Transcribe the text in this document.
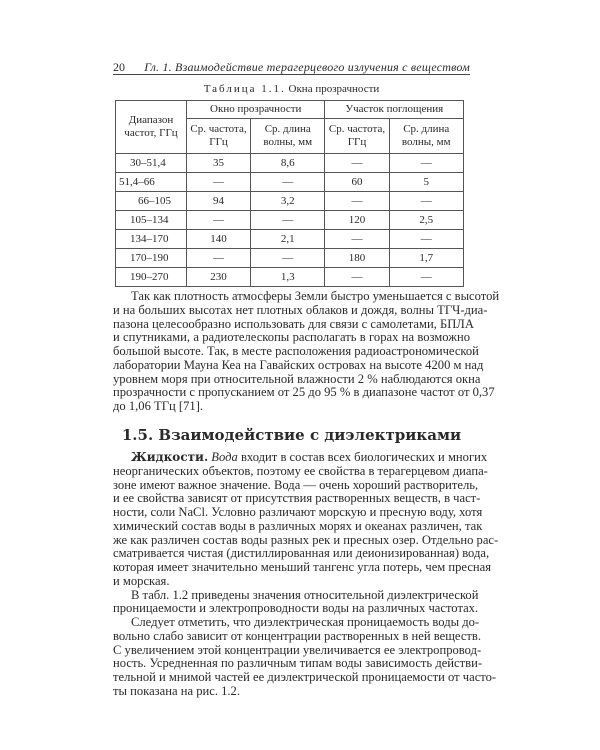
20 Гл. 1. Взаимодействие терагерцевого излучения с веществом
Таблица 1.1. Окна прозрачности
Диапазон частот, ГГц	Окно прозрачности		Участок поглощения	
	Ср. частота, ГГц	Ср. длина волны, мм	Ср. частота, ГГц	Ср. длина волны, мм
30–51,4	35	8,6	—	—
51,4–66	—	—	60	5
66–105	94	3,2	—	—
105–134	—	—	120	2,5
134–170	140	2,1	—	—
170–190	—	—	180	1,7
190–270	230	1,3	—	—
Так как плотность атмосферы Земли быстро уменьшается с высотой
и на больших высотах нет плотных облаков и дождя, волны ТГЧ-диа-
пазона целесообразно использовать для связи с самолетами, БПЛА
и спутниками, а радиотелескопы располагать в горах на возможно
большой высоте. Так, в месте расположения радиоастрономической
лаборатории Мауна Кеа на Гавайских островах на высоте 4200 м над
уровнем моря при относительной влажности 2 % наблюдаются окна
прозрачности с пропусканием от 25 до 95 % в диапазоне частот от 0,37
до 1,06 ТГц [71].
1.5. Взаимодействие с диэлектриками
Жидкости. Вода входит в состав всех биологических и многих
неорганических объектов, поэтому ее свойства в терагерцевом диапа-
зоне имеют важное значение. Вода — очень хороший растворитель,
и ее свойства зависят от присутствия растворенных веществ, в част-
ности, соли NaCl. Условно различают морскую и пресную воду, хотя
химический состав воды в различных морях и океанах различен, так
же как различен состав воды разных рек и пресных озер. Отдельно рас-
сматривается чистая (дистиллированная или деионизированная) вода,
которая имеет значительно меньший тангенс угла потерь, чем пресная
и морская.
В табл. 1.2 приведены значения относительной диэлектрической
проницаемости и электропроводности воды на различных частотах.
Следует отметить, что диэлектрическая проницаемость воды до-
вольно слабо зависит от концентрации растворенных в ней веществ.
С увеличением этой концентрации увеличивается ее электропровод-
ность. Усредненная по различным типам воды зависимость действи-
тельной и мнимой частей ее диэлектрической проницаемости от часто-
ты показана на рис. 1.2.
